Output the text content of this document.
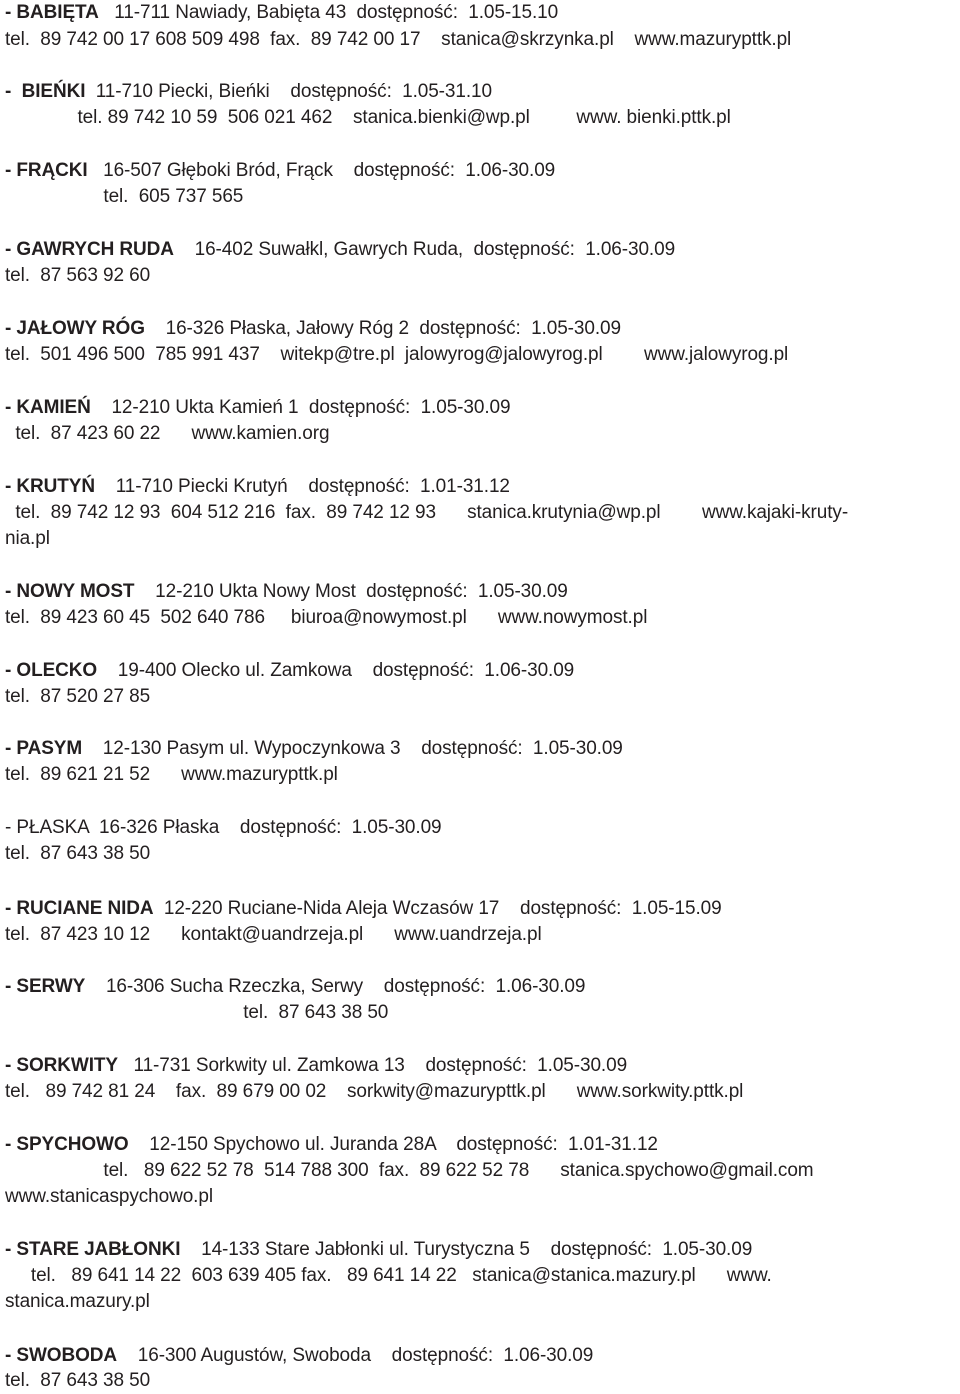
- BABIĘTA   11-711 Nawiady, Babięta 43  dostępność:  1.05-15.10
tel.  89 742 00 17 608 509 498  fax.  89 742 00 17    stanica@skrzynka.pl    www.mazurypttk.pl
-  BIEŃKI  11-710 Piecki, Bieńki    dostępność:  1.05-31.10
tel. 89 742 10 59  506 021 462    stanica.bienki@wp.pl         www. bienki.pttk.pl
- FRĄCKI   16-507 Głęboki Bród, Frąck    dostępność:  1.06-30.09
tel.  605 737 565
- GAWRYCH RUDA    16-402 Suwałkl, Gawrych Ruda,  dostępność:  1.06-30.09
tel.  87 563 92 60
- JAŁOWY RÓG    16-326 Płaska, Jałowy Róg 2  dostępność:  1.05-30.09
tel.  501 496 500  785 991 437    witekp@tre.pl  jalowyrog@jalowyrog.pl        www.jalowyrog.pl
- KAMIEŃ    12-210 Ukta Kamień 1  dostępność:  1.05-30.09
tel.  87 423 60 22      www.kamien.org
- KRUTYŃ    11-710 Piecki Krutyń    dostępność:  1.01-31.12
tel.  89 742 12 93  604 512 216  fax.  89 742 12 93      stanica.krutynia@wp.pl        www.kajaki-kruty-
nia.pl
- NOWY MOST    12-210 Ukta Nowy Most  dostępność:  1.05-30.09
tel.  89 423 60 45  502 640 786     biuroa@nowymost.pl      www.nowymost.pl
- OLECKO    19-400 Olecko ul. Zamkowa    dostępność:  1.06-30.09
tel.  87 520 27 85
- PASYM    12-130 Pasym ul. Wypoczynkowa 3    dostępność:  1.05-30.09
tel.  89 621 21 52      www.mazurypttk.pl
- PŁASKA  16-326 Płaska    dostępność:  1.05-30.09
tel.  87 643 38 50
- RUCIANE NIDA  12-220 Ruciane-Nida Aleja Wczasów 17    dostępność:  1.05-15.09
tel.  87 423 10 12      kontakt@uandrzeja.pl      www.uandrzeja.pl
- SERWY    16-306 Sucha Rzeczka, Serwy    dostępność:  1.06-30.09
tel.  87 643 38 50
- SORKWITY   11-731 Sorkwity ul. Zamkowa 13    dostępność:  1.05-30.09
tel.   89 742 81 24    fax.  89 679 00 02    sorkwity@mazurypttk.pl      www.sorkwity.pttk.pl
- SPYCHOWO    12-150 Spychowo ul. Juranda 28A    dostępność:  1.01-31.12
tel.   89 622 52 78  514 788 300  fax.  89 622 52 78      stanica.spychowo@gmail.com
www.stanicaspychowo.pl
- STARE JABŁONKI    14-133 Stare Jabłonki ul. Turystyczna 5    dostępność:  1.05-30.09
tel.   89 641 14 22  603 639 405 fax.   89 641 14 22   stanica@stanica.mazury.pl      www.
stanica.mazury.pl
- SWOBODA    16-300 Augustów, Swoboda    dostępność:  1.06-30.09
tel.  87 643 38 50
